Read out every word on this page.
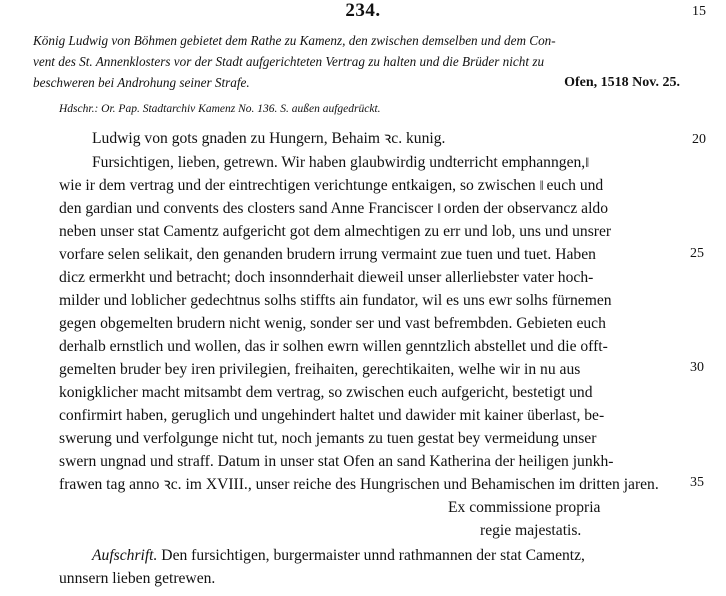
234.	15
20
25
30
35
König Ludwig von Böhmen gebietet dem Rathe zu Kamenz, den zwischen demselben und dem Con-
vent des St. Annenklosters vor der Stadt aufgerichteten Vertrag zu halten und die Brüder nicht zu
beschweren bei Androhung seiner Strafe.	Ofen, 1518 Nov. 25.
Hdschr.: Or. Pap. Stadtarchiv Kamenz No. 136. S. außen aufgedrückt.
Ludwig von gots gnaden zu Hungern, Behaim ꝛc. kunig.
Fursichtigen, lieben, getrewn. Wir haben glaubwirdig undterricht emphanngen,‖
wie ir dem vertrag und der eintrechtigen verichtunge entkaigen, so zwischen ‖ euch und
den gardian und convents des closters sand Anne Franciscer ‖ orden der observancz aldo
neben unser stat Camentz aufgericht got dem almechtigen zu err und lob, uns und unsrer
vorfare selen selikait, den genanden brudern irrung vermaint zue tuen und tuet. Haben
dicz ermerkht und betracht; doch insonnderhait dieweil unser allerliebster vater hoch-
milder und loblicher gedechtnus solhs stiffts ain fundator, wil es uns ewr solhs fürnemen
gegen obgemelten brudern nicht wenig, sonder ser und vast befrembden. Gebieten euch
derhalb ernstlich und wollen, das ir solhen ewrn willen genntzlich abstellet und die offt-
gemelten bruder bey iren privilegien, freihaiten, gerechtikaiten, welhe wir in nu aus
konigklicher macht mitsambt dem vertrag, so zwischen euch aufgericht, bestetigt und
confirmirt haben, geruglich und ungehindert haltet und dawider mit kainer überlast, be-
swerung und verfolgunge nicht tut, noch jemants zu tuen gestat bey vermeidung unser
swern ungnad und straff. Datum in unser stat Ofen an sand Katherina der heiligen junkh-
frawen tag anno ꝛc. im XVIII., unser reiche des Hungrischen und Behamischen im dritten jaren.
Ex commissione propria
regie majestatis.
Aufschrift. Den fursichtigen, burgermaister unnd rathmannen der stat Camentz,
unnsern lieben getrewen.
